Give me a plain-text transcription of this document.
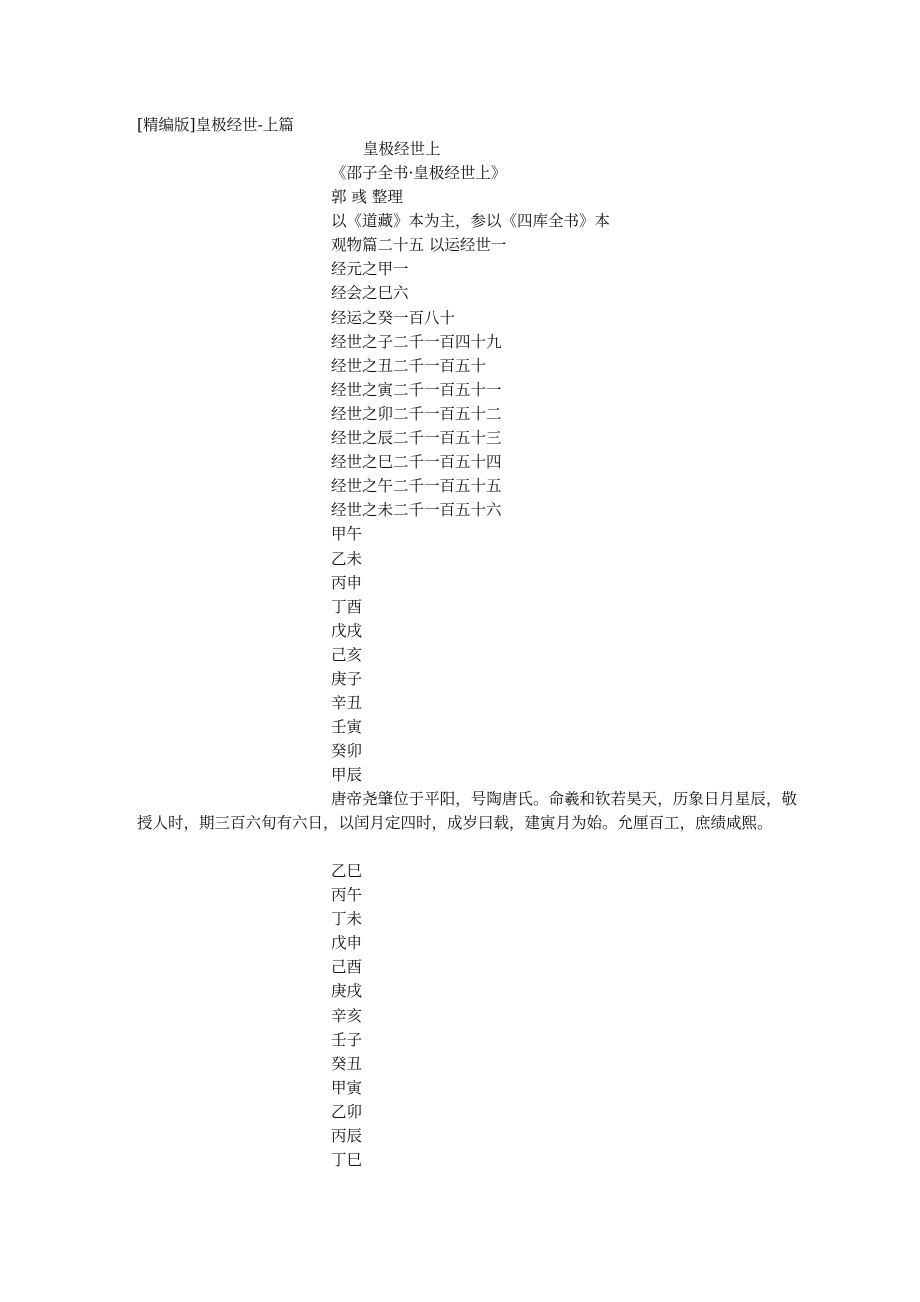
[精编版]皇极经世-上篇
皇极经世上
《邵子全书·皇极经世上》
郭 彧 整理
以《道藏》本为主，参以《四库全书》本
观物篇二十五 以运经世一
经元之甲一
经会之巳六
经运之癸一百八十
经世之子二千一百四十九
经世之丑二千一百五十
经世之寅二千一百五十一
经世之卯二千一百五十二
经世之辰二千一百五十三
经世之巳二千一百五十四
经世之午二千一百五十五
经世之未二千一百五十六
甲午
乙未
丙申
丁酉
戊戌
己亥
庚子
辛丑
壬寅
癸卯
甲辰

唐帝尧肇位于平阳，号陶唐氏。命羲和钦若昊天，历象日月星辰，敬授人时，期三百六旬有六日，以闰月定四时，成岁曰载，建寅月为始。允厘百工，庶绩咸熙。

乙巳
丙午
丁未
戊申
己酉
庚戌
辛亥
壬子
癸丑
甲寅
乙卯
丙辰
丁巳
